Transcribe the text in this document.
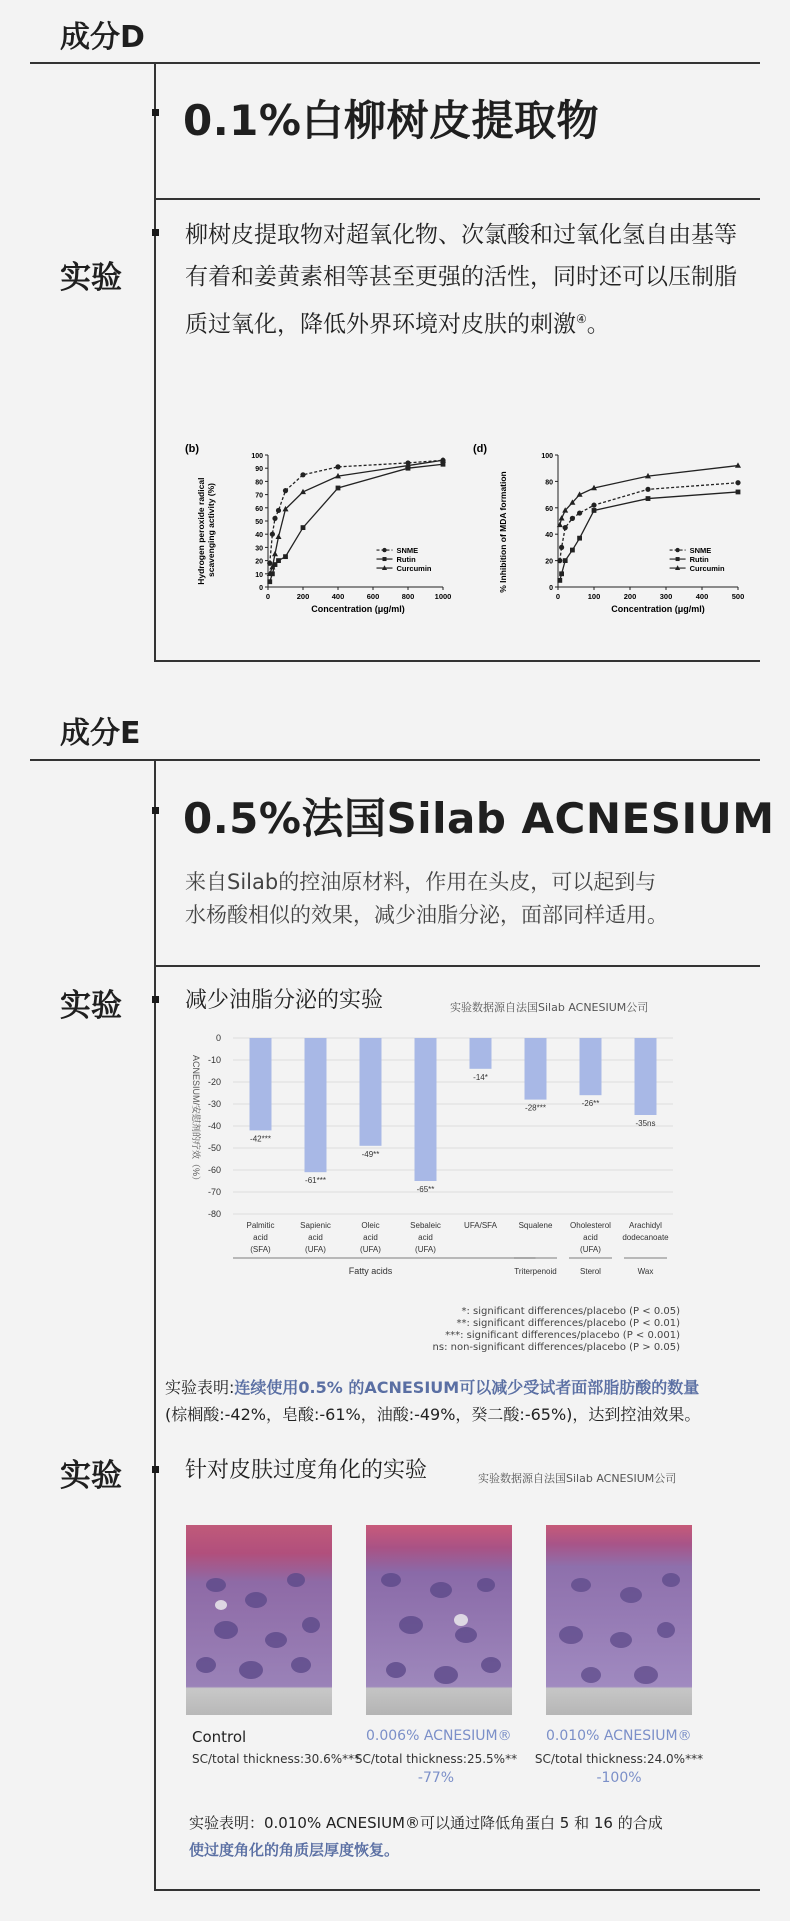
成分D
0.1%白柳树皮提取物
实验
柳树皮提取物对超氧化物、次氯酸和过氧化氢自由基等有着和姜黄素相等甚至更强的活性，同时还可以压制脂质过氧化，降低外界环境对皮肤的刺激④。
(b)
Hydrogen peroxide radical scavenging activity (%)
0
10
20
30
40
50
60
70
80
90
100
0	200	400	600	800	1000
SNME
Rutin
Curcumin
Concentration (μg/ml)
(d)
% Inhibition of MDA formation	0
20
40
60
80
100
0	100	200	300	400	500
SNME
Rutin
Curcumin
Concentration (μg/ml)
成分E
0.5%法国Silab ACNESIUM
来自Silab的控油原材料，作用在头皮，可以起到与
水杨酸相似的效果，减少油脂分泌，面部同样适用。
实验	减少油脂分泌的实验	实验数据源自法国Silab ACNESIUM公司
ACNESIUM/安慰剂的疗效（%）
0
-10
-20
-30
-40
-50
-60
-70
-80
-42***
Palmitic
acid
(SFA)
-61***
Sapienic
acid
(UFA)
-49**
Oleic
acid
(UFA)
-65**
Sebaleic
acid
(UFA)
-14*
UFA/SFA
-28***
Squalene
-26**
Oholesterol
acid
(UFA)
-35ns
Arachidyl
dodecanoate
Fatty acids	Triterpenoid	Sterol	Wax
*: significant differences/placebo (P < 0.05)
**: significant differences/placebo (P < 0.01)
***: significant differences/placebo (P < 0.001)
ns: non-significant differences/placebo (P > 0.05)
实验表明:连续使用0.5% 的ACNESIUM可以减少受试者面部脂肪酸的数量
(棕榈酸:-42%，皂酸:-61%，油酸:-49%，癸二酸:-65%)，达到控油效果。
实验	针对皮肤过度角化的实验	实验数据源自法国Silab ACNESIUM公司
Control
SC/total thickness:30.6%***
0.006% ACNESIUM®
SC/total thickness:25.5%**
-77%
0.010% ACNESIUM®
SC/total thickness:24.0%***
-100%
实验表明：0.010% ACNESIUM®可以通过降低角蛋白 5 和 16 的合成
使过度角化的角质层厚度恢复。
